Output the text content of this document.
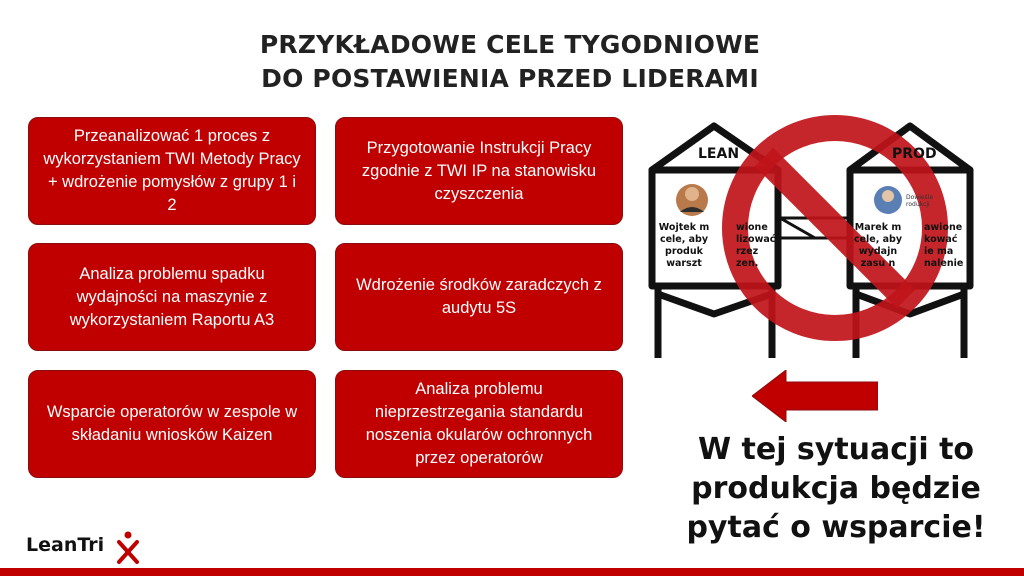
PRZYKŁADOWE CELE TYGODNIOWE
DO POSTAWIENIA PRZED LIDERAMI
Przeanalizować 1 proces z wykorzystaniem TWI Metody Pracy + wdrożenie pomysłów z grupy 1 i 2
Przygotowanie Instrukcji Pracy zgodnie z TWI IP na stanowisku czyszczenia
Analiza problemu spadku wydajności na maszynie z wykorzystaniem Raportu A3
Wdrożenie środków zaradczych z audytu 5S
Wsparcie operatorów w zespole w składaniu wniosków Kaizen
Analiza problemu nieprzestrzegania standardu noszenia okularów ochronnych przez operatorów
LEAN	PROD
Wojtek m
cele, aby
produk
warszt
wione
lizować
rzez
zen.
Dowieśle
rodukcji
Marek m
cele, aby
wydajn
zasu n
awione
kować
ie ma
nalenie
W tej sytuacji to
produkcja będzie
pytać o wsparcie!
LeanTri
